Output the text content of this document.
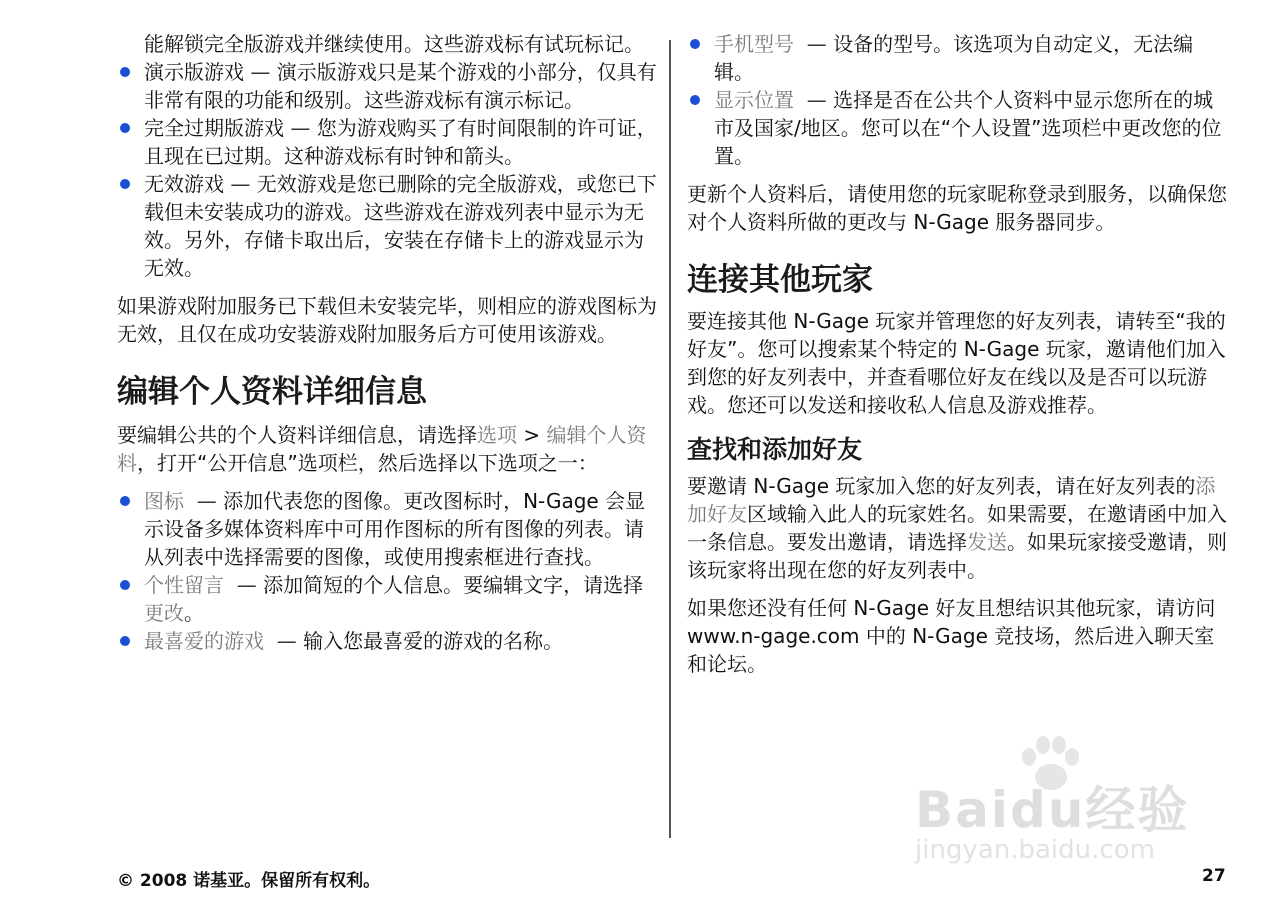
能解锁完全版游戏并继续使用。这些游戏标有试玩标记。
演示版游戏 — 演示版游戏只是某个游戏的小部分，仅具有非常有限的功能和级别。这些游戏标有演示标记。
完全过期版游戏 — 您为游戏购买了有时间限制的许可证，且现在已过期。这种游戏标有时钟和箭头。
无效游戏 — 无效游戏是您已删除的完全版游戏，或您已下载但未安装成功的游戏。这些游戏在游戏列表中显示为无效。另外，存储卡取出后，安装在存储卡上的游戏显示为无效。

如果游戏附加服务已下载但未安装完毕，则相应的游戏图标为无效，且仅在成功安装游戏附加服务后方可使用该游戏。

编辑个人资料详细信息

要编辑公共的个人资料详细信息，请选择选项 > 编辑个人资料，打开“公开信息”选项栏，然后选择以下选项之一：

图标 — 添加代表您的图像。更改图标时，N-Gage 会显示设备多媒体资料库中可用作图标的所有图像的列表。请从列表中选择需要的图像，或使用搜索框进行查找。
个性留言 — 添加简短的个人信息。要编辑文字，请选择更改。
最喜爱的游戏 — 输入您最喜爱的游戏的名称。
手机型号 — 设备的型号。该选项为自动定义，无法编辑。
显示位置 — 选择是否在公共个人资料中显示您所在的城市及国家/地区。您可以在“个人设置”选项栏中更改您的位置。

更新个人资料后，请使用您的玩家昵称登录到服务，以确保您对个人资料所做的更改与 N-Gage 服务器同步。

连接其他玩家

要连接其他 N-Gage 玩家并管理您的好友列表，请转至“我的好友”。您可以搜索某个特定的 N-Gage 玩家，邀请他们加入到您的好友列表中，并查看哪位好友在线以及是否可以玩游戏。您还可以发送和接收私人信息及游戏推荐。

查找和添加好友

要邀请 N-Gage 玩家加入您的好友列表，请在好友列表的添加好友区域输入此人的玩家姓名。如果需要，在邀请函中加入一条信息。要发出邀请，请选择发送。如果玩家接受邀请，则该玩家将出现在您的好友列表中。

如果您还没有任何 N-Gage 好友且想结识其他玩家，请访问 www.n-gage.com 中的 N-Gage 竞技场，然后进入聊天室和论坛。

Baidu经验
jingyan.baidu.com
© 2008 诺基亚。保留所有权利。	27
